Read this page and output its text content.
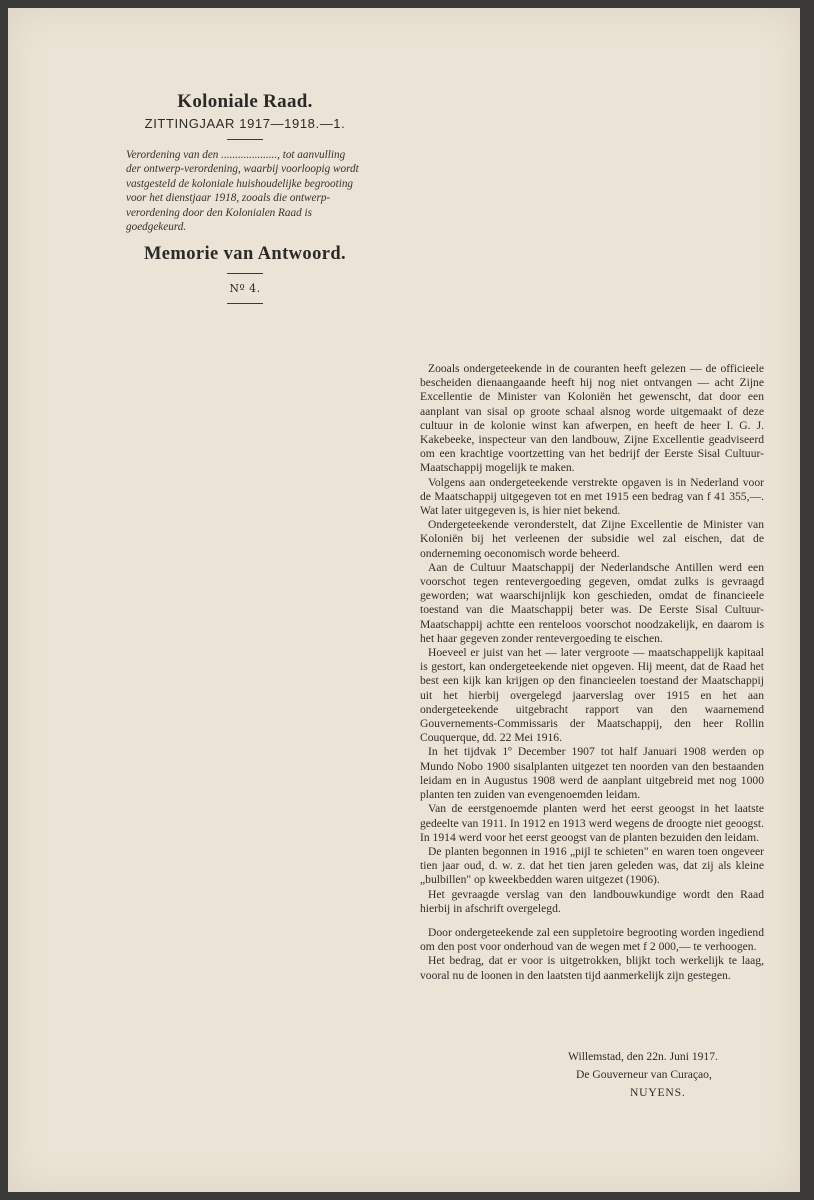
Koloniale Raad.

ZITTINGJAAR 1917—1918.—1.

Verordening van den ...................., tot aanvulling der ontwerp-verordening, waarbij voorloopig wordt vastgesteld de koloniale huishoudelijke begrooting voor het dienstjaar 1918, zooals die ontwerp-verordening door den Kolonialen Raad is goedgekeurd.

Memorie van Antwoord.

Nº 4.

Zooals ondergeteekende in de couranten heeft gelezen — de officieele bescheiden dienaangaande heeft hij nog niet ontvangen — acht Zijne Excellentie de Minister van Koloniën het gewenscht, dat door een aanplant van sisal op groote schaal alsnog worde uitgemaakt of deze cultuur in de kolonie winst kan afwerpen, en heeft de heer I. G. J. Kakebeeke, inspecteur van den landbouw, Zijne Excellentie geadviseerd om een krachtige voortzetting van het bedrijf der Eerste Sisal Cultuur-Maatschappij mogelijk te maken.

Volgens aan ondergeteekende verstrekte opgaven is in Nederland voor de Maatschappij uitgegeven tot en met 1915 een bedrag van f 41 355,—. Wat later uitgegeven is, is hier niet bekend.

Ondergeteekende veronderstelt, dat Zijne Excellentie de Minister van Koloniën bij het verleenen der subsidie wel zal eischen, dat de onderneming oeconomisch worde beheerd.

Aan de Cultuur Maatschappij der Nederlandsche Antillen werd een voorschot tegen rentevergoeding gegeven, omdat zulks is gevraagd geworden; wat waarschijnlijk kon geschieden, omdat de financieele toestand van die Maatschappij beter was. De Eerste Sisal Cultuur-Maatschappij achtte een renteloos voorschot noodzakelijk, en daarom is het haar gegeven zonder rentevergoeding te eischen.

Hoeveel er juist van het — later vergroote — maatschappelijk kapitaal is gestort, kan ondergeteekende niet opgeven. Hij meent, dat de Raad het best een kijk kan krijgen op den financieelen toestand der Maatschappij uit het hierbij overgelegd jaarverslag over 1915 en het aan ondergeteekende uitgebracht rapport van den waarnemend Gouvernements-Commissaris der Maatschappij, den heer Rollin Couquerque, dd. 22 Mei 1916.

In het tijdvak 1º December 1907 tot half Januari 1908 werden op Mundo Nobo 1900 sisalplanten uitgezet ten noorden van den bestaanden leidam en in Augustus 1908 werd de aanplant uitgebreid met nog 1000 planten ten zuiden van evengenoemden leidam.

Van de eerstgenoemde planten werd het eerst geoogst in het laatste gedeelte van 1911. In 1912 en 1913 werd wegens de droogte niet geoogst. In 1914 werd voor het eerst geoogst van de planten bezuiden den leidam.

De planten begonnen in 1916 „pijl te schieten" en waren toen ongeveer tien jaar oud, d. w. z. dat het tien jaren geleden was, dat zij als kleine „bulbillen" op kweekbedden waren uitgezet (1906).

Het gevraagde verslag van den landbouwkundige wordt den Raad hierbij in afschrift overgelegd.

Door ondergeteekende zal een suppletoire begrooting worden ingediend om den post voor onderhoud van de wegen met f 2 000,— te verhoogen.

Het bedrag, dat er voor is uitgetrokken, blijkt toch werkelijk te laag, vooral nu de loonen in den laatsten tijd aanmerkelijk zijn gestegen.

Willemstad, den 22n. Juni 1917.

De Gouverneur van Curaçao,

NUYENS.
